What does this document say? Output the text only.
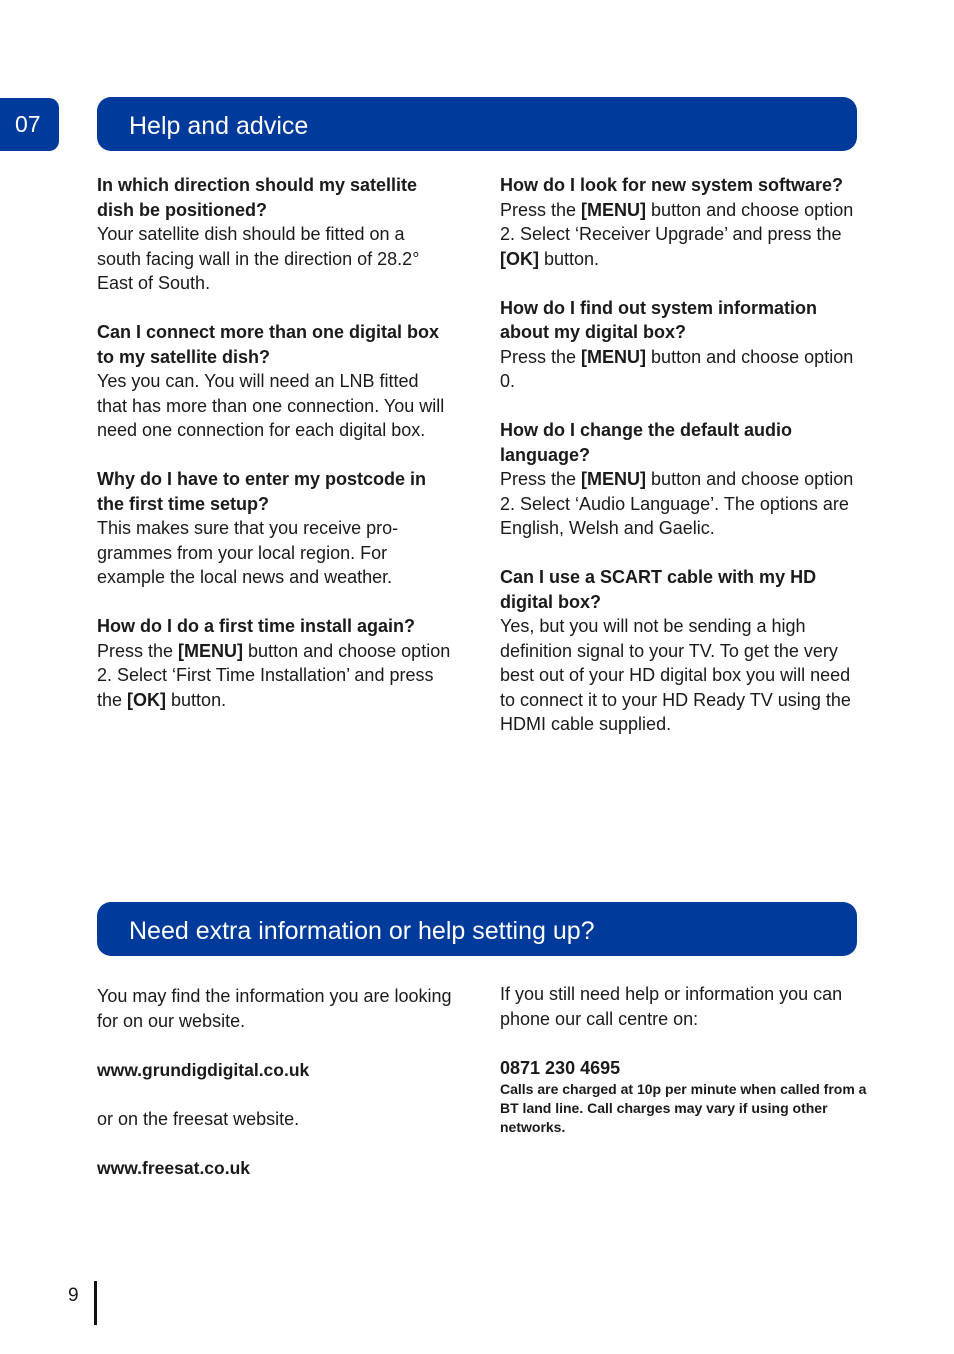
07	Help and advice
In which direction should my satellite dish be positioned?
Your satellite dish should be fitted on a south facing wall in the direction of 28.2° East of South.
Can I connect more than one digital box to my satellite dish?
Yes you can. You will need an LNB fitted that has more than one connection. You will need one connection for each digital box.
Why do I have to enter my postcode in the first time setup?
This makes sure that you receive pro-grammes from your local region. For example the local news and weather.
How do I do a first time install again?
Press the [MENU] button and choose option 2. Select ‘First Time Installation’ and press the [OK] button.
How do I look for new system software?
Press the [MENU] button and choose option 2. Select ‘Receiver Upgrade’ and press the [OK] button.
How do I find out system information about my digital box?
Press the [MENU] button and choose option 0.
How do I change the default audio language?
Press the [MENU] button and choose option 2. Select ‘Audio Language’. The options are English, Welsh and Gaelic.
Can I use a SCART cable with my HD digital box?
Yes, but you will not be sending a high definition signal to your TV. To get the very best out of your HD digital box you will need to connect it to your HD Ready TV using the HDMI cable supplied.
Need extra information or help setting up?

You may find the information you are looking for on our website.

www.grundigdigital.co.uk

or on the freesat website.

www.freesat.co.uk

If you still need help or information you can phone our call centre on:

0871 230 4695
Calls are charged at 10p per minute when called from a BT land line. Call charges may vary if using other networks.
9
